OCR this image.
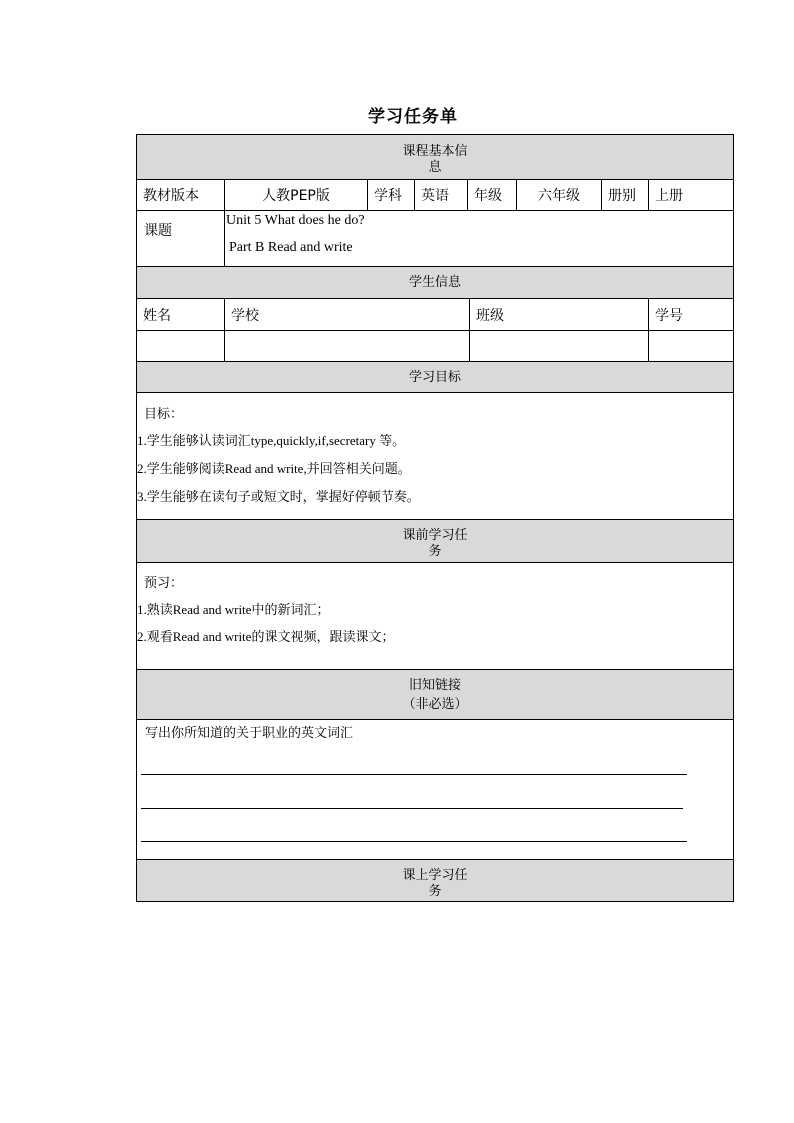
学习任务单
课程基本信
息
教材版本	人教PEP版	学科	英语	年级	六年级	册别	上册
课题
Unit 5 What does he do?
Part B Read and write
学生信息
姓名	学校	班级	学号
学习目标
目标：
1.学生能够认读词汇type,quickly,if,secretary 等。
2.学生能够阅读Read and write,并回答相关问题。
3.学生能够在读句子或短文时，掌握好停顿节奏。
课前学习任
务
预习：
1.熟读Read and write中的新词汇；
2.观看Read and write的课文视频，跟读课文；
旧知链接
（非必选）
写出你所知道的关于职业的英文词汇
课上学习任
务
